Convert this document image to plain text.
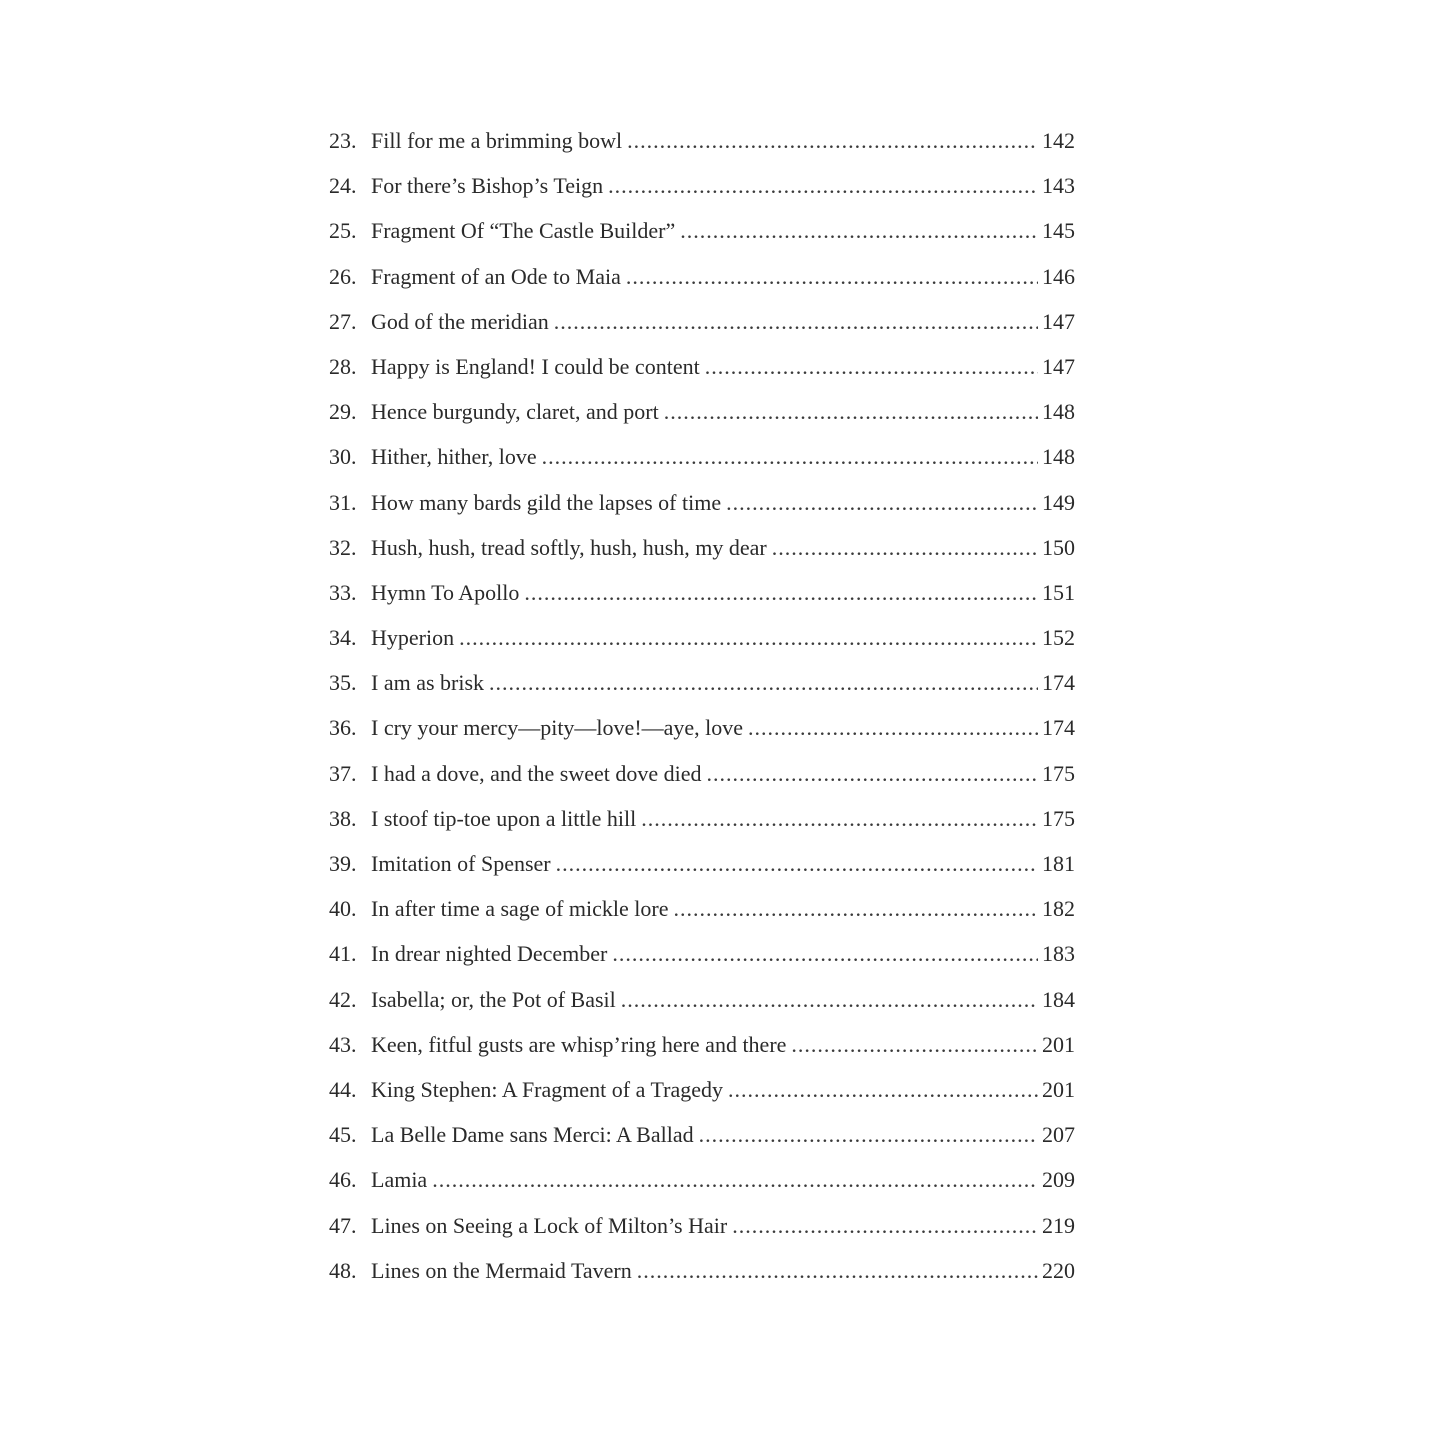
23. Fill for me a brimming bowl .....	142
24. For there’s Bishop’s Teign .....	143
25. Fragment Of “The Castle Builder” .....	145
26. Fragment of an Ode to Maia .....	146
27. God of the meridian .....	147
28. Happy is England! I could be content .....	147
29. Hence burgundy, claret, and port .....	148
30. Hither, hither, love .....	148
31. How many bards gild the lapses of time .....	149
32. Hush, hush, tread softly, hush, hush, my dear .....	150
33. Hymn To Apollo .....	151
34. Hyperion .....	152
35. I am as brisk .....	174
36. I cry your mercy—pity—love!—aye, love .....	174
37. I had a dove, and the sweet dove died .....	175
38. I stoof tip-toe upon a little hill .....	175
39. Imitation of Spenser .....	181
40. In after time a sage of mickle lore .....	182
41. In drear nighted December .....	183
42. Isabella; or, the Pot of Basil .....	184
43. Keen, fitful gusts are whisp’ring here and there .....	201
44. King Stephen: A Fragment of a Tragedy .....	201
45. La Belle Dame sans Merci: A Ballad .....	207
46. Lamia .....	209
47. Lines on Seeing a Lock of Milton’s Hair .....	219
48. Lines on the Mermaid Tavern .....	220
